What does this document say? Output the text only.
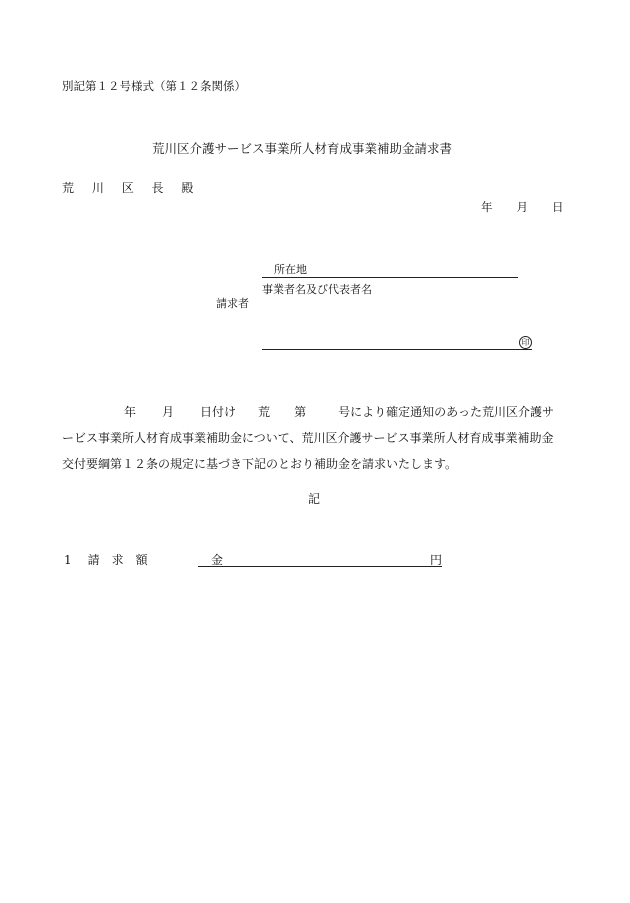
別記第１２号様式（第１２条関係）
荒川区介護サービス事業所人材育成事業補助金請求書
荒 川 区 長 殿
年 月 日
所在地
事業者名及び代表者名
請求者
印
年 月 日付け 荒 第	号により確定通知のあった荒川区介護サ
ービス事業所人材育成事業補助金について、荒川区介護サービス事業所人材育成事業補助金
交付要綱第１２条の規定に基づき下記のとおり補助金を請求いたします。
記
1 請 求 額	金	円
